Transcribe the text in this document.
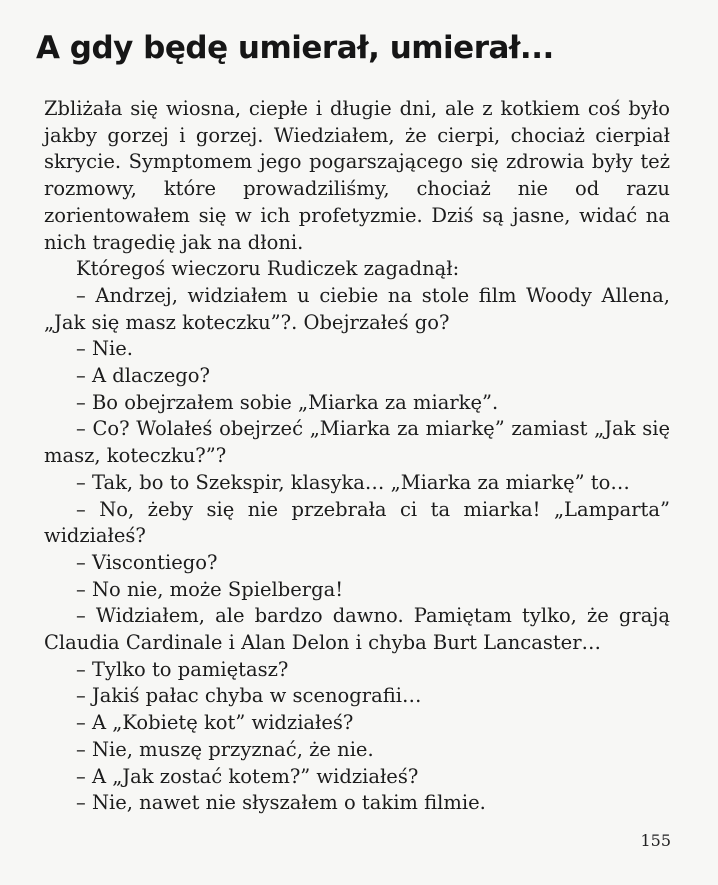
A gdy będę umierał, umierał...

Zbliżała się wiosna, ciepłe i długie dni, ale z kotkiem coś było jakby gorzej i gorzej. Wiedziałem, że cierpi, chociaż cierpiał skrycie. Symptomem jego pogarszającego się zdrowia były też rozmowy, które prowadziliśmy, chociaż nie od razu zorientowałem się w ich profetyzmie. Dziś są jasne, widać na nich tragedię jak na dłoni.

Któregoś wieczoru Rudiczek zagadnął:

– Andrzej, widziałem u ciebie na stole film Woody Allena, „Jak się masz koteczku”?. Obejrzałeś go?

– Nie.

– A dlaczego?

– Bo obejrzałem sobie „Miarka za miarkę”.

– Co? Wolałeś obejrzeć „Miarka za miarkę” zamiast „Jak się masz, koteczku?”?

– Tak, bo to Szekspir, klasyka… „Miarka za miarkę” to…

– No, żeby się nie przebrała ci ta miarka! „Lamparta” widziałeś?

– Viscontiego?

– No nie, może Spielberga!

– Widziałem, ale bardzo dawno. Pamiętam tylko, że grają Claudia Cardinale i Alan Delon i chyba Burt Lancaster…

– Tylko to pamiętasz?

– Jakiś pałac chyba w scenografii…

– A „Kobietę kot” widziałeś?

– Nie, muszę przyznać, że nie.

– A „Jak zostać kotem?” widziałeś?

– Nie, nawet nie słyszałem o takim filmie.

155
